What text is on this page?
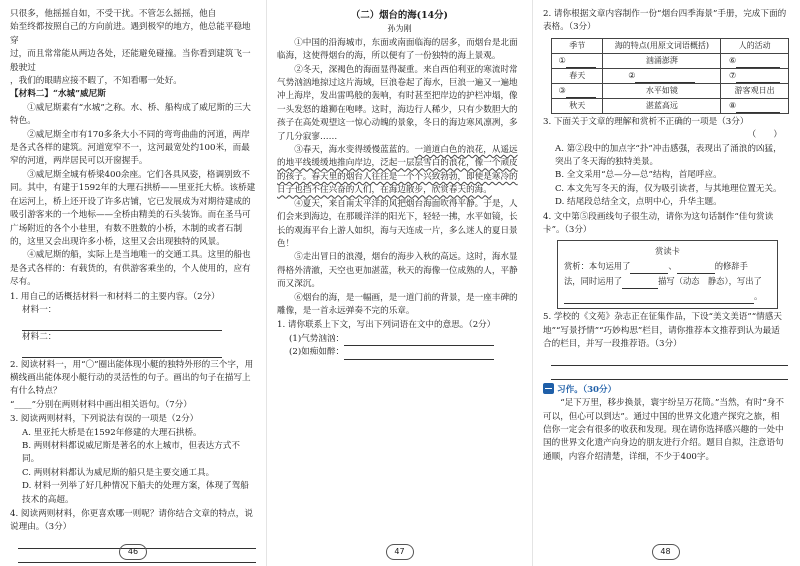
只很多，他摇摇自如，不受干扰。不管怎么摇摇，他自

始至终都按照自己的方向前进。遇到极窄的地方，他总能平稳地穿

过，而且常常能从两边各处，还能避免碰撞。当你看到建筑飞一般驶过

，我们的眼睛应接不暇了，不知看哪一处好。

【材料二】“水城”威尼斯

①威尼斯素有“水城”之称。水、桥、船构成了威尼斯的三大特色。

②威尼斯全市有170多条大小不同的弯弯曲曲的河道，两岸是各式各样的建筑。河道宽窄不一，这河最宽处约100米，而最窄的河道，两岸居民可以开窗握手。

③威尼斯全城有桥梁400余座。它们各具风姿，格调别致不同。其中，有建于1592年的大理石拱桥——里亚托大桥。该桥建在运河上，桥上还开设了许多店铺，它已发展成为对期待建成的吸引游客来的一个地标——全桥由精美的石头装饰。而在圣马可广场附近的各个小巷里，有数不胜数的小桥，木制的或者石制的，这里又会出现许多小桥，这里又会出现独特的风景。

④威尼斯的船，实际上是当地唯一的交通工具。这里的船也是各式各样的：有载货的，有供游客乘坐的，个人使用的，应有尽有。

1. 用自己的话概括材料一和材料二的主要内容。（2分）

材料一：

材料二：

2. 阅读材料一，用“〇”圈出能体现小艇的独特外形的三个字，用横线画出能体现小艇行动的灵活性的句子。画出的句子在描写上有什么特点？

“____”分别在两则材料中画出相关语句。（7分）

3. 阅读两则材料，下列说法有误的一项是（2分）

A. 里亚托大桥是在1592年修建的大理石拱桥。

B. 两则材料都说威尼斯是著名的水上城市，但表达方式不同。

C. 两则材料都认为威尼斯的船只是主要交通工具。

D. 材料一列举了好几种情况下船夫的处理方案，体现了驾船技术的高超。

4. 阅读两则材料，你更喜欢哪一则呢？请你结合文章的特点，说说理由。（3分）

46

（二）烟台的海(14分)

孙为刚

①中国的沿海城市，东面或南面临海的居多，而烟台是北面临海，这使得烟台的海，所以便有了一份独特的海上景观。

②冬天，深褐色的海面显得凝重。来自西伯利亚的寒流时常气势汹汹地掠过这片海域，巨浪卷起了海水，巨浪一遍又一遍地冲上海岸，发出雷鸣般的轰响，有时甚至把岸边的护栏冲塌，像一头发怒的雄狮在咆哮。这时，海边行人稀少，只有少数胆大的孩子在高处观望这一惊心动魄的景象，冬日的海边寒风凛冽，多了几分寂寥……

③春天，海水变得缓慢蓝蓝的。一道道白色的浪花，从遥远的地平线缓缓地推向岸边，泛起一层层雪白的浪花，像一个顽皮的孩子。春天里的烟台人往往是一个个兴致勃勃，即使是寒冷的日子也挡不住兴奋的人们，在海边散步，欣赏春天的海。

④夏天，来自南太平洋的风把烟台海面吹得平静。于是，人们会来到海边，在那暖洋洋的阳光下，轻轻一拂，水平如镜，长长的观海平台上游人如织，海与天连成一片，多么迷人的夏日景色！

⑤走出冒日的浪漫，烟台的海步入秋的高远。这时，海水显得格外清澈，天空也更加湛蓝，秋天的海像一位成熟的人，平静而又深沉。

⑥烟台的海，是一幅画，是一道门前的背景，是一座丰碑的雕像，是一首永远弹奏不完的乐章。

1. 请你联系上下文，写出下列词语在文中的意思。（2分）

(1)气势汹汹：

(2)如痴如醉：

47

2. 请你根据文章内容制作一份“烟台四季海景”手册，完成下面的表格。（3分）

季节	海的特点(用原文词语概括)	人的活动
①	汹涌澎湃	⑥
春天	②	⑦
③	水平如镜	游客观日出
秋天	湛蓝高远	⑧

3. 下面关于文章的理解和赏析不正确的一项是（3分）

（　　）

A. 第②段中的加点字“扑”冲击感强，表现出了涌浪的凶猛，突出了冬天海的独特美景。

B. 全文采用“总—分—总”结构，首尾呼应。

C. 本文先写冬天的海，仅为吸引读者，与其地理位置无关。

D. 结尾段总结全文，点明中心，升华主题。

4. 文中第⑤段画线句子很生动，请你为这句话制作“佳句赏读卡”。（3分）

赏读卡
赏析：本句运用了	、	的修辞手
法，同时运用了	描写（动态　静态），写出了
。

5. 学校的《文苑》杂志正在征集作品，下设“美文美语”“情感天地”“写景抒情”“巧妙构思”栏目，请你推荐本文推荐到认为最适合的栏目，并写一段推荐语。（3分）

习作。（30分）

“足下万里，移步换景，寰宇纷呈万花筒。”当然，有时“身不可以，但心可以到达”。通过中国的世界文化遗产探究之旅，相信你一定会有很多的收获和发现。现在请你选择感兴趣的一处中国的世界文化遗产向身边的朋友进行介绍。题目自拟，注意语句通顺，内容介绍清楚，详细，不少于400字。

48
